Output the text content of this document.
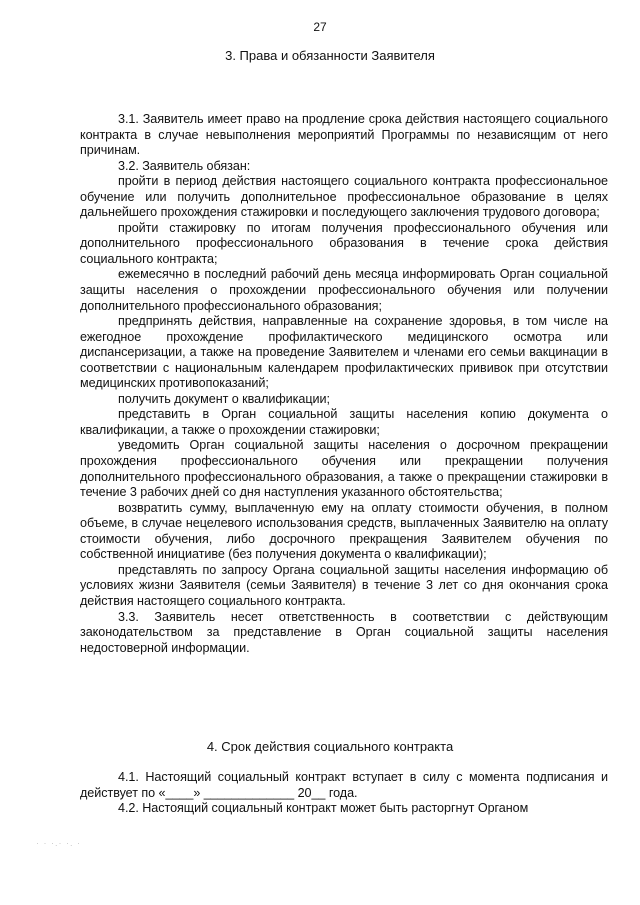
27
3. Права и обязанности Заявителя

3.1. Заявитель имеет право на продление срока действия настоящего социального контракта в случае невыполнения мероприятий Программы по независящим от него причинам.

3.2. Заявитель обязан:

пройти в период действия настоящего социального контракта профессиональное обучение или получить дополнительное профессиональное образование в целях дальнейшего прохождения стажировки и последующего заключения трудового договора;

пройти стажировку по итогам получения профессионального обучения или дополнительного профессионального образования в течение срока действия социального контракта;

ежемесячно в последний рабочий день месяца информировать Орган социальной защиты населения о прохождении профессионального обучения или получении дополнительного профессионального образования;

предпринять действия, направленные на сохранение здоровья, в том числе на ежегодное прохождение профилактического медицинского осмотра или диспансеризации, а также на проведение Заявителем и членами его семьи вакцинации в соответствии с национальным календарем профилактических прививок при отсутствии медицинских противопоказаний;

получить документ о квалификации;

представить в Орган социальной защиты населения копию документа о квалификации, а также о прохождении стажировки;

уведомить Орган социальной защиты населения о досрочном прекращении прохождения профессионального обучения или прекращении получения дополнительного профессионального образования, а также о прекращении стажировки в течение 3 рабочих дней со дня наступления указанного обстоятельства;

возвратить сумму, выплаченную ему на оплату стоимости обучения, в полном объеме, в случае нецелевого использования средств, выплаченных Заявителю на оплату стоимости обучения, либо досрочного прекращения Заявителем обучения по собственной инициативе (без получения документа о квалификации);

представлять по запросу Органа социальной защиты населения информацию об условиях жизни Заявителя (семьи Заявителя) в течение 3 лет со дня окончания срока действия настоящего социального контракта.

3.3. Заявитель несет ответственность в соответствии с действующим законодательством за представление в Орган социальной защиты населения недостоверной информации.

4. Срок действия социального контракта

4.1. Настоящий социальный контракт вступает в силу с момента подписания и действует по «____» _____________ 20__ года.

4.2. Настоящий социальный контракт может быть расторгнут Органом

· · ·.· ·. ·
